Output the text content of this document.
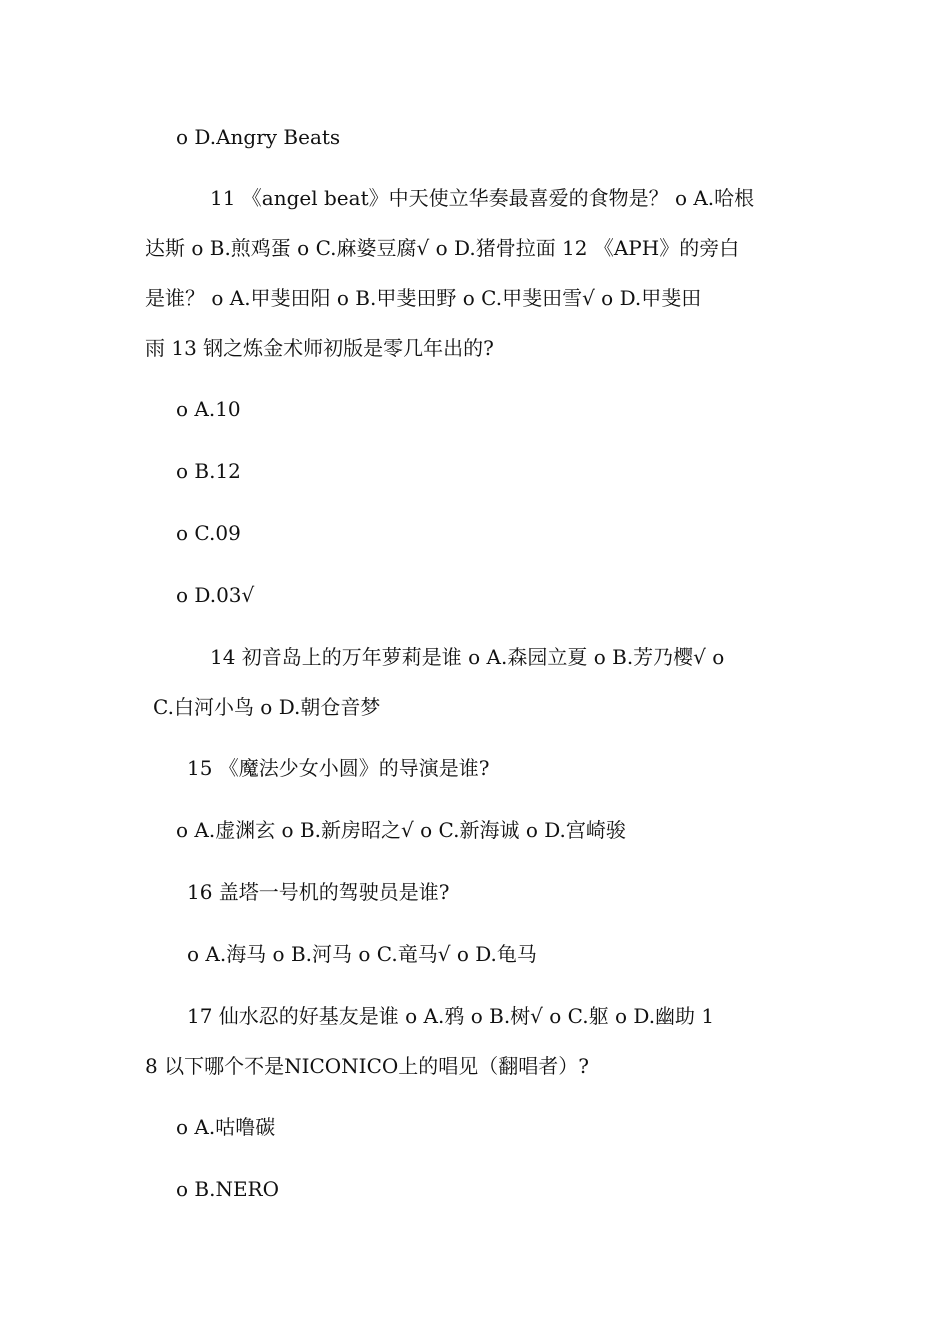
o D.Angry Beats
11 《angel beat》中天使立华奏最喜爱的食物是？ o A.哈根
达斯 o B.煎鸡蛋 o C.麻婆豆腐√ o D.猪骨拉面 12 《APH》的旁白
是谁？ o A.甲斐田阳 o B.甲斐田野 o C.甲斐田雪√ o D.甲斐田
雨 13 钢之炼金术师初版是零几年出的?
o A.10
o B.12
o C.09
o D.03√
14 初音岛上的万年萝莉是谁 o A.森园立夏 o B.芳乃樱√ o
C.白河小鸟 o D.朝仓音梦
15 《魔法少女小圆》的导演是谁?
o A.虚渊玄 o B.新房昭之√ o C.新海诚 o D.宫崎骏
16 盖塔一号机的驾驶员是谁?
o A.海马 o B.河马 o C.竜马√ o D.龟马
17 仙水忍的好基友是谁 o A.鸦 o B.树√ o C.躯 o D.幽助 1
8 以下哪个不是NICONICO上的唱见（翻唱者）?
o A.咕噜碳
o B.NERO
